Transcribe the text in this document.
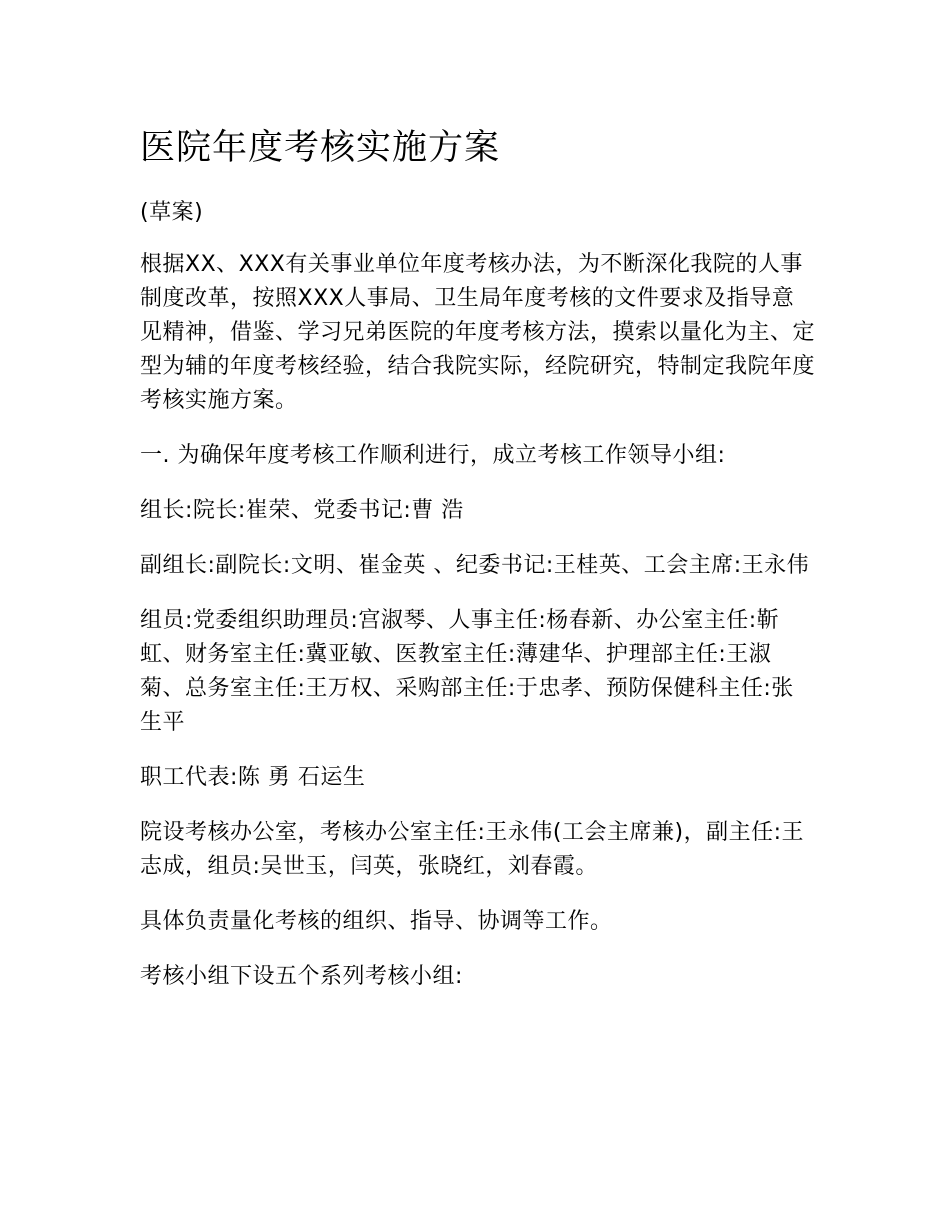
医院年度考核实施方案

(草案)

根据XX、XXX有关事业单位年度考核办法，为不断深化我院的人事制度改革，按照XXX人事局、卫生局年度考核的文件要求及指导意见精神，借鉴、学习兄弟医院的年度考核方法，摸索以量化为主、定型为辅的年度考核经验，结合我院实际，经院研究，特制定我院年度考核实施方案。

一. 为确保年度考核工作顺利进行，成立考核工作领导小组:

组长:院长:崔荣、党委书记:曹 浩

副组长:副院长:文明、崔金英 、纪委书记:王桂英、工会主席:王永伟

组员:党委组织助理员:宫淑琴、人事主任:杨春新、办公室主任:靳虹、财务室主任:冀亚敏、医教室主任:薄建华、护理部主任:王淑菊、总务室主任:王万权、采购部主任:于忠孝、预防保健科主任:张生平

职工代表:陈 勇 石运生

院设考核办公室，考核办公室主任:王永伟(工会主席兼)，副主任:王志成，组员:吴世玉，闫英，张晓红，刘春霞。

具体负责量化考核的组织、指导、协调等工作。

考核小组下设五个系列考核小组:
